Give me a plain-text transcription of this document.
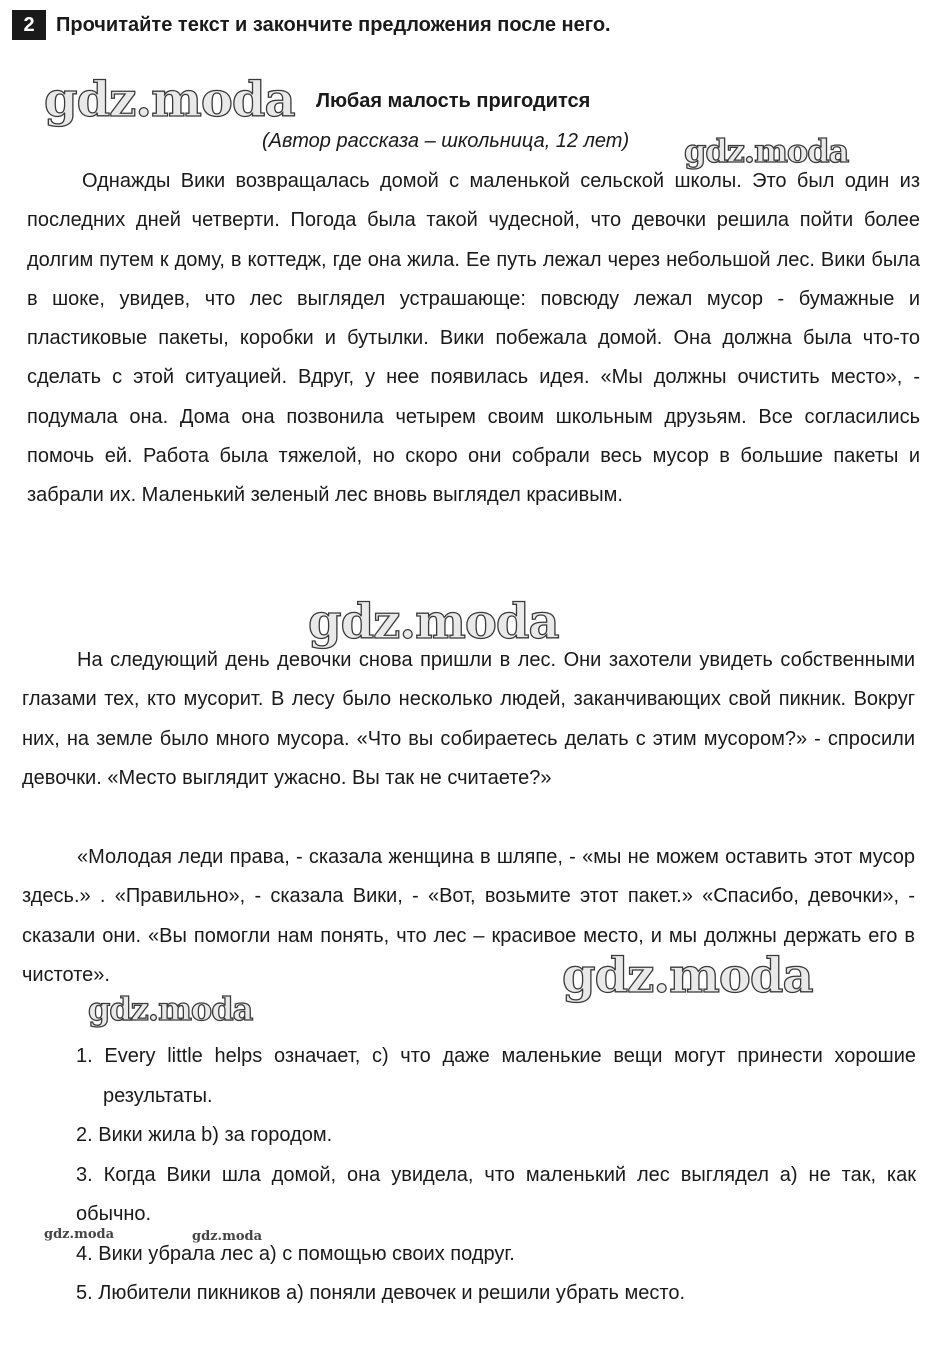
2	Прочитайте текст и закончите предложения после него.
gdz.moda Любая малость пригодится
(Автор рассказа – школьница, 12 лет) gdz.moda

Однажды Вики возвращалась домой с маленькой сельской школы. Это был один из последних дней четверти. Погода была такой чудесной, что девочки решила пойти более долгим путем к дому, в коттедж, где она жила. Ее путь лежал через небольшой лес. Вики была в шоке, увидев, что лес выглядел устрашающе: повсюду лежал мусор - бумажные и пластиковые пакеты, коробки и бутылки. Вики побежала домой. Она должна была что-то сделать с этой ситуацией. Вдруг, у нее появилась идея. «Мы должны очистить место», - подумала она. Дома она позвонила четырем своим школьным друзьям. Все согласились помочь ей. Работа была тяжелой, но скоро они собрали весь мусор в большие пакеты и забрали их. Маленький зеленый лес вновь выглядел красивым.

gdz.moda

На следующий день девочки снова пришли в лес. Они захотели увидеть собственными глазами тех, кто мусорит. В лесу было несколько людей, заканчивающих свой пикник. Вокруг них, на земле было много мусора. «Что вы собираетесь делать с этим мусором?» - спросили девочки. «Место выглядит ужасно. Вы так не считаете?»

«Молодая леди права, - сказала женщина в шляпе, - «мы не можем оставить этот мусор здесь.» . «Правильно», - сказала Вики, - «Вот, возьмите этот пакет.» «Спасибо, девочки», - сказали они. «Вы помогли нам понять, что лес – красивое место, и мы должны держать его в чистоте».	gdz.moda
gdz.moda
1. Every little helps означает, с) что даже маленькие вещи могут принести хорошие результаты.
2. Вики жила b) за городом.
3. Когда Вики шла домой, она увидела, что маленький лес выглядел a) не так, как обычно.
4. Вики убрала лес a) с помощью своих подруг.
5. Любители пикников a) поняли девочек и решили убрать место.
gdz.moda	gdz.moda
